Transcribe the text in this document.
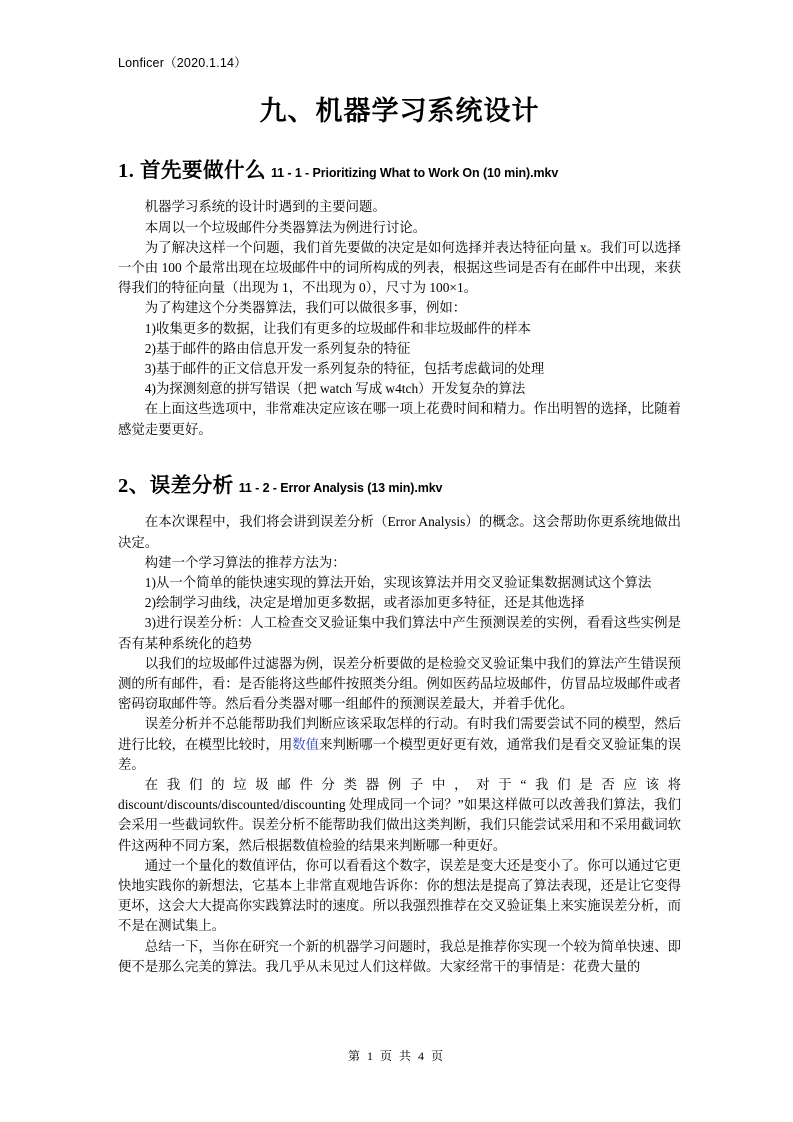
Lonficer（2020.1.14）
九、机器学习系统设计
1. 首先要做什么 11 - 1 - Prioritizing What to Work On (10 min).mkv

机器学习系统的设计时遇到的主要问题。

本周以一个垃圾邮件分类器算法为例进行讨论。

为了解决这样一个问题，我们首先要做的决定是如何选择并表达特征向量 x。我们可以选择一个由 100 个最常出现在垃圾邮件中的词所构成的列表，根据这些词是否有在邮件中出现，来获得我们的特征向量（出现为 1，不出现为 0），尺寸为 100×1。

为了构建这个分类器算法，我们可以做很多事，例如：

1)收集更多的数据，让我们有更多的垃圾邮件和非垃圾邮件的样本

2)基于邮件的路由信息开发一系列复杂的特征

3)基于邮件的正文信息开发一系列复杂的特征，包括考虑截词的处理

4)为探测刻意的拼写错误（把 watch 写成 w4tch）开发复杂的算法

在上面这些选项中，非常难决定应该在哪一项上花费时间和精力。作出明智的选择，比随着感觉走要更好。

2、误差分析 11 - 2 - Error Analysis (13 min).mkv

在本次课程中，我们将会讲到误差分析（Error Analysis）的概念。这会帮助你更系统地做出决定。

构建一个学习算法的推荐方法为：

1)从一个简单的能快速实现的算法开始，实现该算法并用交叉验证集数据测试这个算法

2)绘制学习曲线，决定是增加更多数据，或者添加更多特征，还是其他选择

3)进行误差分析：人工检查交叉验证集中我们算法中产生预测误差的实例，看看这些实例是否有某种系统化的趋势

以我们的垃圾邮件过滤器为例，误差分析要做的是检验交叉验证集中我们的算法产生错误预测的所有邮件，看：是否能将这些邮件按照类分组。例如医药品垃圾邮件，仿冒品垃圾邮件或者密码窃取邮件等。然后看分类器对哪一组邮件的预测误差最大，并着手优化。

误差分析并不总能帮助我们判断应该采取怎样的行动。有时我们需要尝试不同的模型，然后进行比较，在模型比较时，用数值来判断哪一个模型更好更有效，通常我们是看交叉验证集的误差。

在我们的垃圾邮件分类器例子中，对于“我们是否应该将 discount/discounts/discounted/discounting 处理成同一个词？”如果这样做可以改善我们算法，我们会采用一些截词软件。误差分析不能帮助我们做出这类判断，我们只能尝试采用和不采用截词软件这两种不同方案，然后根据数值检验的结果来判断哪一种更好。

通过一个量化的数值评估，你可以看看这个数字，误差是变大还是变小了。你可以通过它更快地实践你的新想法，它基本上非常直观地告诉你：你的想法是提高了算法表现，还是让它变得更坏，这会大大提高你实践算法时的速度。所以我强烈推荐在交叉验证集上来实施误差分析，而不是在测试集上。

总结一下，当你在研究一个新的机器学习问题时，我总是推荐你实现一个较为简单快速、即便不是那么完美的算法。我几乎从未见过人们这样做。大家经常干的事情是：花费大量的

第 1 页 共 4 页
